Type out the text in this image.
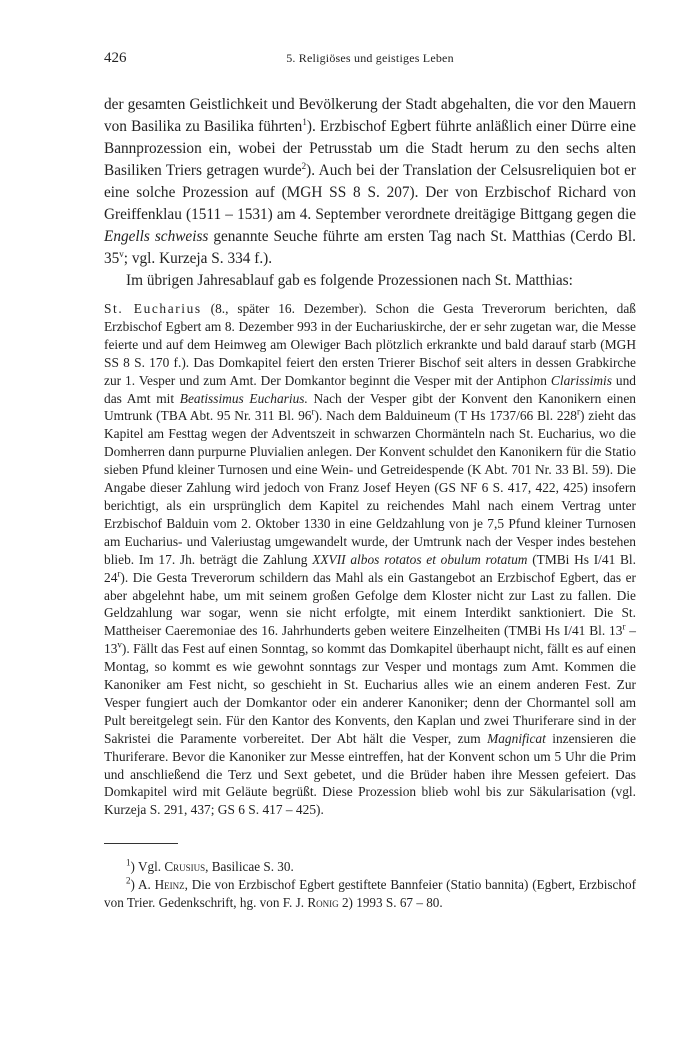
426	5. Religiöses und geistiges Leben

der gesamten Geistlichkeit und Bevölkerung der Stadt abgehalten, die vor den Mauern von Basilika zu Basilika führten$^1$). Erzbischof Egbert führte anläßlich einer Dürre eine Bannprozession ein, wobei der Petrusstab um die Stadt herum zu den sechs alten Basiliken Triers getragen wurde$^2$). Auch bei der Translation der Celsusreliquien bot er eine solche Prozession auf (MGH SS 8 S. 207). Der von Erzbischof Richard von Greiffenklau (1511 – 1531) am 4. September verordnete dreitägige Bittgang gegen die Engells schweiss genannte Seuche führte am ersten Tag nach St. Matthias (Cerdo Bl. 35$^v$; vgl. Kurzeja S. 334 f.).

Im übrigen Jahresablauf gab es folgende Prozessionen nach St. Matthias:

St. Eucharius (8., später 16. Dezember). Schon die Gesta Treverorum berichten, daß Erzbischof Egbert am 8. Dezember 993 in der Euchariuskirche, der er sehr zugetan war, die Messe feierte und auf dem Heimweg am Olewiger Bach plötzlich erkrankte und bald darauf starb (MGH SS 8 S. 170 f.). Das Domkapitel feiert den ersten Trierer Bischof seit alters in dessen Grabkirche zur 1. Vesper und zum Amt. Der Domkantor beginnt die Vesper mit der Antiphon Clarissimis und das Amt mit Beatissimus Eucharius. Nach der Vesper gibt der Konvent den Kanonikern einen Umtrunk (TBA Abt. 95 Nr. 311 Bl. 96$^r$). Nach dem Balduineum (T Hs 1737/66 Bl. 228$^r$) zieht das Kapitel am Festtag wegen der Adventszeit in schwarzen Chormänteln nach St. Eucharius, wo die Domherren dann purpurne Pluvialien anlegen. Der Konvent schuldet den Kanonikern für die Statio sieben Pfund kleiner Turnosen und eine Wein- und Getreidespende (K Abt. 701 Nr. 33 Bl. 59). Die Angabe dieser Zahlung wird jedoch von Franz Josef Heyen (GS NF 6 S. 417, 422, 425) insofern berichtigt, als ein ursprünglich dem Kapitel zu reichendes Mahl nach einem Vertrag unter Erzbischof Balduin vom 2. Oktober 1330 in eine Geldzahlung von je 7,5 Pfund kleiner Turnosen am Eucharius- und Valeriustag umgewandelt wurde, der Umtrunk nach der Vesper indes bestehen blieb. Im 17. Jh. beträgt die Zahlung XXVII albos rotatos et obulum rotatum (TMBi Hs I/41 Bl. 24$^r$). Die Gesta Treverorum schildern das Mahl als ein Gastangebot an Erzbischof Egbert, das er aber abgelehnt habe, um mit seinem großen Gefolge dem Kloster nicht zur Last zu fallen. Die Geldzahlung war sogar, wenn sie nicht erfolgte, mit einem Interdikt sanktioniert. Die St. Mattheiser Caeremoniae des 16. Jahrhunderts geben weitere Einzelheiten (TMBi Hs I/41 Bl. 13$^r$ – 13$^v$). Fällt das Fest auf einen Sonntag, so kommt das Domkapitel überhaupt nicht, fällt es auf einen Montag, so kommt es wie gewohnt sonntags zur Vesper und montags zum Amt. Kommen die Kanoniker am Fest nicht, so geschieht in St. Eucharius alles wie an einem anderen Fest. Zur Vesper fungiert auch der Domkantor oder ein anderer Kanoniker; denn der Chormantel soll am Pult bereitgelegt sein. Für den Kantor des Konvents, den Kaplan und zwei Thuriferare sind in der Sakristei die Paramente vorbereitet. Der Abt hält die Vesper, zum Magnificat inzensieren die Thuriferare. Bevor die Kanoniker zur Messe eintreffen, hat der Konvent schon um 5 Uhr die Prim und anschließend die Terz und Sext gebetet, und die Brüder haben ihre Messen gefeiert. Das Domkapitel wird mit Geläute begrüßt. Diese Prozession blieb wohl bis zur Säkularisation (vgl. Kurzeja S. 291, 437; GS 6 S. 417 – 425).

$^1$) Vgl. Crusius, Basilicae S. 30.

$^2$) A. Heinz, Die von Erzbischof Egbert gestiftete Bannfeier (Statio bannita) (Egbert, Erzbischof von Trier. Gedenkschrift, hg. von F. J. Ronig 2) 1993 S. 67 – 80.
